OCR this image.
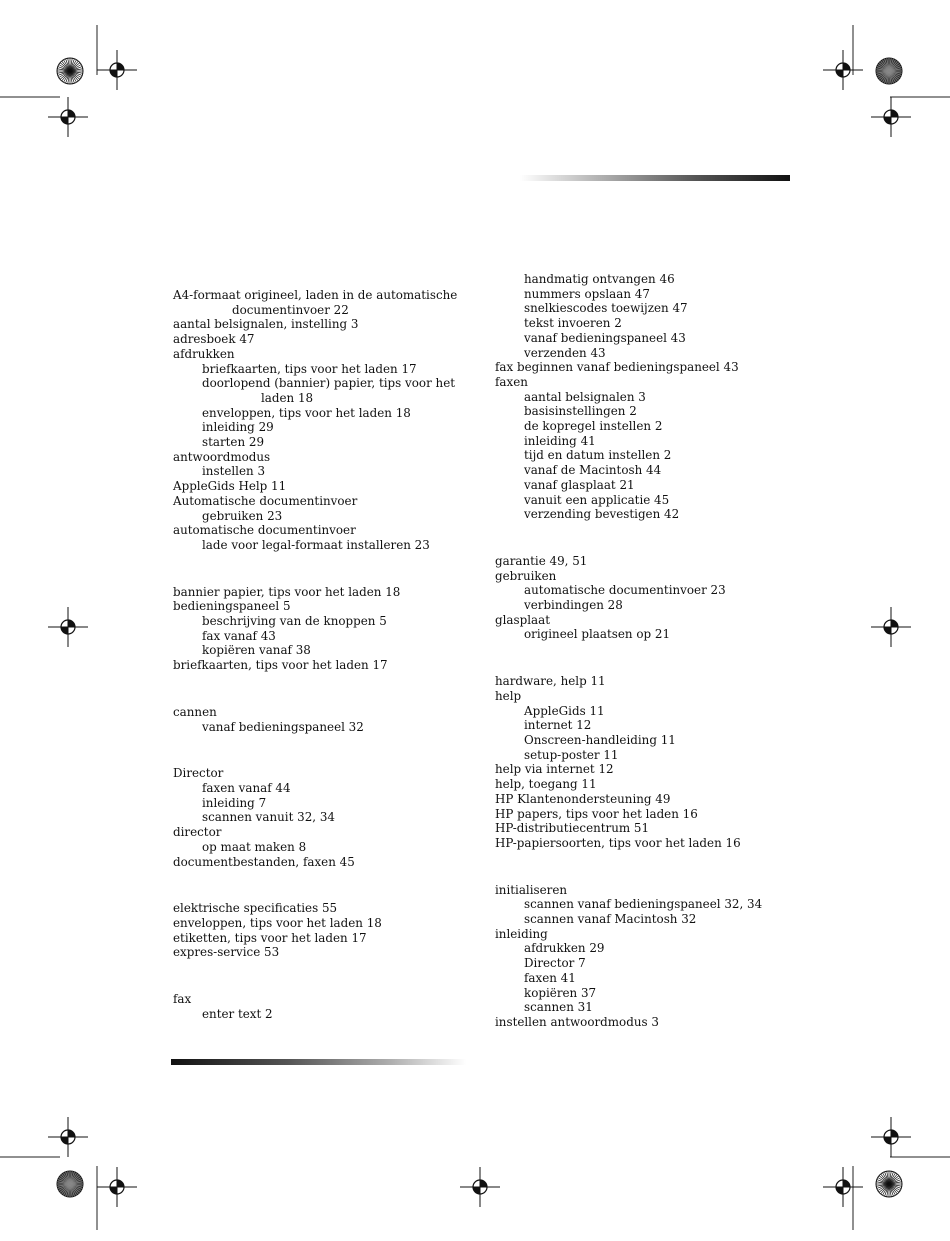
A4-formaat origineel, laden in de automatische
documentinvoer 22
aantal belsignalen, instelling 3
adresboek 47
afdrukken
briefkaarten, tips voor het laden 17
doorlopend (bannier) papier, tips voor het
laden 18
enveloppen, tips voor het laden 18
inleiding 29
starten 29
antwoordmodus
instellen 3
AppleGids Help 11
Automatische documentinvoer
gebruiken 23
automatische documentinvoer
lade voor legal-formaat installeren 23
bannier papier, tips voor het laden 18
bedieningspaneel 5
beschrijving van de knoppen 5
fax vanaf 43
kopiëren vanaf 38
briefkaarten, tips voor het laden 17
cannen
vanaf bedieningspaneel 32
Director
faxen vanaf 44
inleiding 7
scannen vanuit 32, 34
director
op maat maken 8
documentbestanden, faxen 45
elektrische specificaties 55
enveloppen, tips voor het laden 18
etiketten, tips voor het laden 17
expres-service 53
fax
enter text 2
handmatig ontvangen 46
nummers opslaan 47
snelkiescodes toewijzen 47
tekst invoeren 2
vanaf bedieningspaneel 43
verzenden 43
fax beginnen vanaf bedieningspaneel 43
faxen
aantal belsignalen 3
basisinstellingen 2
de kopregel instellen 2
inleiding 41
tijd en datum instellen 2
vanaf de Macintosh 44
vanaf glasplaat 21
vanuit een applicatie 45
verzending bevestigen 42
garantie 49, 51
gebruiken
automatische documentinvoer 23
verbindingen 28
glasplaat
origineel plaatsen op 21
hardware, help 11
help
AppleGids 11
internet 12
Onscreen-handleiding 11
setup-poster 11
help via internet 12
help, toegang 11
HP Klantenondersteuning 49
HP papers, tips voor het laden 16
HP-distributiecentrum 51
HP-papiersoorten, tips voor het laden 16
initialiseren
scannen vanaf bedieningspaneel 32, 34
scannen vanaf Macintosh 32
inleiding
afdrukken 29
Director 7
faxen 41
kopiëren 37
scannen 31
instellen antwoordmodus 3
